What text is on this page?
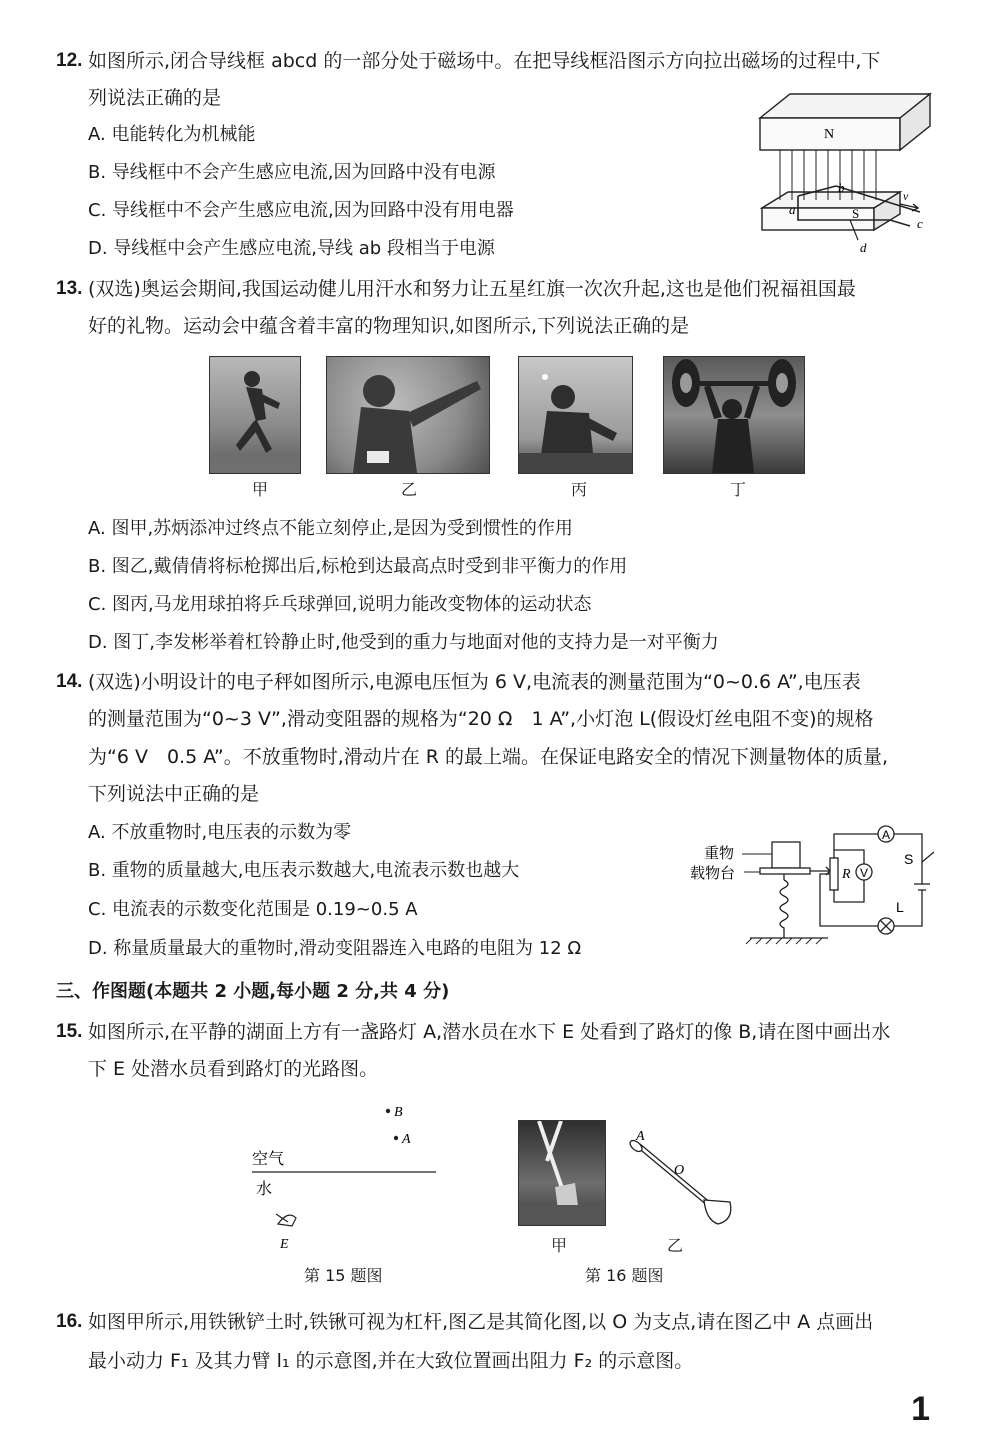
12. 如图所示,闭合导线框 abcd 的一部分处于磁场中。在把导线框沿图示方向拉出磁场的过程中,下
列说法正确的是
A. 电能转化为机械能
B. 导线框中不会产生感应电流,因为回路中没有电源
C. 导线框中不会产生感应电流,因为回路中没有用电器
D. 导线框中会产生感应电流,导线 ab 段相当于电源
N
S
a
b
c
d
v
13. (双选)奥运会期间,我国运动健儿用汗水和努力让五星红旗一次次升起,这也是他们祝福祖国最
好的礼物。运动会中蕴含着丰富的物理知识,如图所示,下列说法正确的是
甲	乙	丙	丁
A. 图甲,苏炳添冲过终点不能立刻停止,是因为受到惯性的作用
B. 图乙,戴倩倩将标枪掷出后,标枪到达最高点时受到非平衡力的作用
C. 图丙,马龙用球拍将乒乓球弹回,说明力能改变物体的运动状态
D. 图丁,李发彬举着杠铃静止时,他受到的重力与地面对他的支持力是一对平衡力
14. (双选)小明设计的电子秤如图所示,电源电压恒为 6 V,电流表的测量范围为“0~0.6 A”,电压表
的测量范围为“0~3 V”,滑动变阻器的规格为“20 Ω　1 A”,小灯泡 L(假设灯丝电阻不变)的规格
为“6 V　0.5 A”。不放重物时,滑动片在 R 的最上端。在保证电路安全的情况下测量物体的质量,
下列说法中正确的是
A. 不放重物时,电压表的示数为零
B. 重物的质量越大,电压表示数越大,电流表示数也越大
C. 电流表的示数变化范围是 0.19~0.5 A
D. 称量质量最大的重物时,滑动变阻器连入电路的电阻为 12 Ω
重物
载物台
A
V
R
S
L
三、作图题(本题共 2 小题,每小题 2 分,共 4 分)
15. 如图所示,在平静的湖面上方有一盏路灯 A,潜水员在水下 E 处看到了路灯的像 B,请在图中画出水
下 E 处潜水员看到路灯的光路图。
B
A
空气
水
E
第 15 题图
A
O
甲	乙
第 16 题图
16. 如图甲所示,用铁锹铲土时,铁锹可视为杠杆,图乙是其简化图,以 O 为支点,请在图乙中 A 点画出
最小动力 F₁ 及其力臂 l₁ 的示意图,并在大致位置画出阻力 F₂ 的示意图。
1
